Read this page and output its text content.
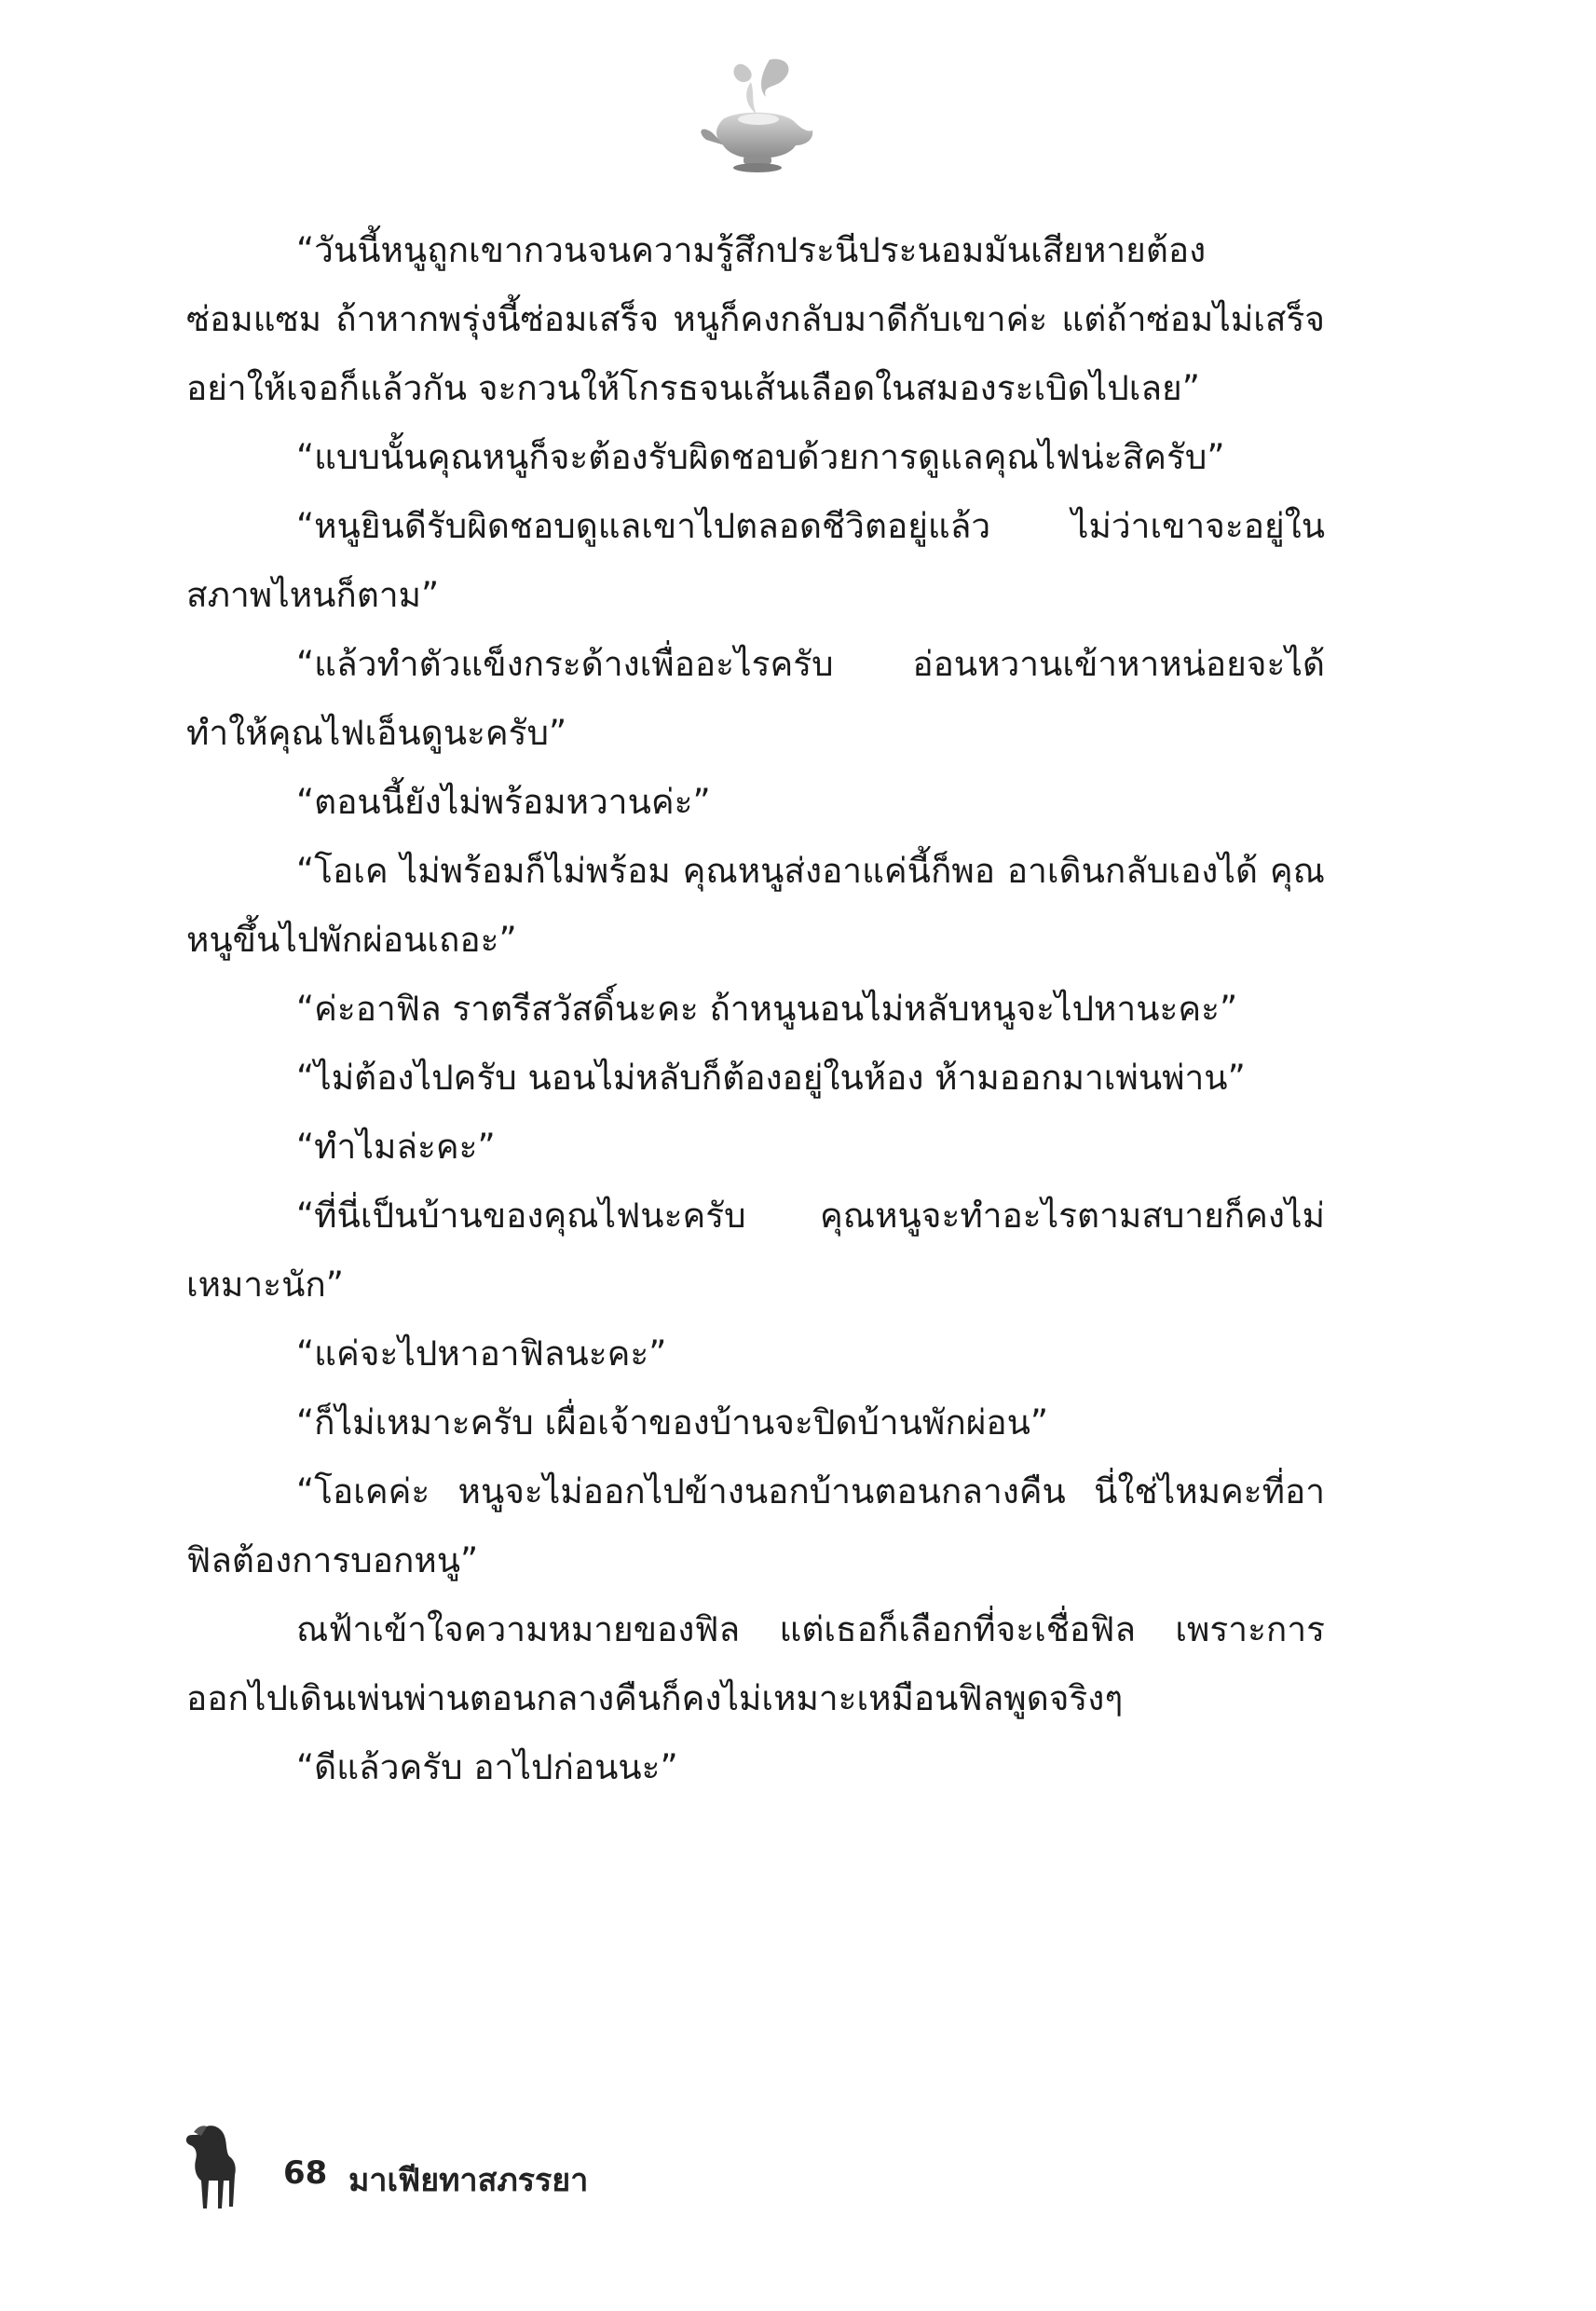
“วันนี้หนูถูกเขากวนจนความรู้สึกประนีประนอมมันเสียหายต้องซ่อมแซม ถ้าหากพรุ่งนี้ซ่อมเสร็จ หนูก็คงกลับมาดีกับเขาค่ะ แต่ถ้าซ่อมไม่เสร็จ อย่าให้เจอก็แล้วกัน จะกวนให้โกรธจนเส้นเลือดในสมองระเบิดไปเลย”

“แบบนั้นคุณหนูก็จะต้องรับผิดชอบด้วยการดูแลคุณไฟน่ะสิครับ”

“หนูยินดีรับผิดชอบดูแลเขาไปตลอดชีวิตอยู่แล้ว ไม่ว่าเขาจะอยู่ในสภาพไหนก็ตาม”

“แล้วทำตัวแข็งกระด้างเพื่ออะไรครับ อ่อนหวานเข้าหาหน่อยจะได้ทำให้คุณไฟเอ็นดูนะครับ”

“ตอนนี้ยังไม่พร้อมหวานค่ะ”

“โอเค ไม่พร้อมก็ไม่พร้อม คุณหนูส่งอาแค่นี้ก็พอ อาเดินกลับเองได้ คุณหนูขึ้นไปพักผ่อนเถอะ”

“ค่ะอาฟิล ราตรีสวัสดิ์นะคะ ถ้าหนูนอนไม่หลับหนูจะไปหานะคะ”

“ไม่ต้องไปครับ นอนไม่หลับก็ต้องอยู่ในห้อง ห้ามออกมาเพ่นพ่าน”

“ทำไมล่ะคะ”

“ที่นี่เป็นบ้านของคุณไฟนะครับ คุณหนูจะทำอะไรตามสบายก็คงไม่เหมาะนัก”

“แค่จะไปหาอาฟิลนะคะ”

“ก็ไม่เหมาะครับ เผื่อเจ้าของบ้านจะปิดบ้านพักผ่อน”

“โอเคค่ะ หนูจะไม่ออกไปข้างนอกบ้านตอนกลางคืน นี่ใช่ไหมคะที่อาฟิลต้องการบอกหนู”

ณฟ้าเข้าใจความหมายของฟิล แต่เธอก็เลือกที่จะเชื่อฟิล เพราะการออกไปเดินเพ่นพ่านตอนกลางคืนก็คงไม่เหมาะเหมือนฟิลพูดจริงๆ

“ดีแล้วครับ อาไปก่อนนะ”

68 มาเฟียทาสภรรยา
